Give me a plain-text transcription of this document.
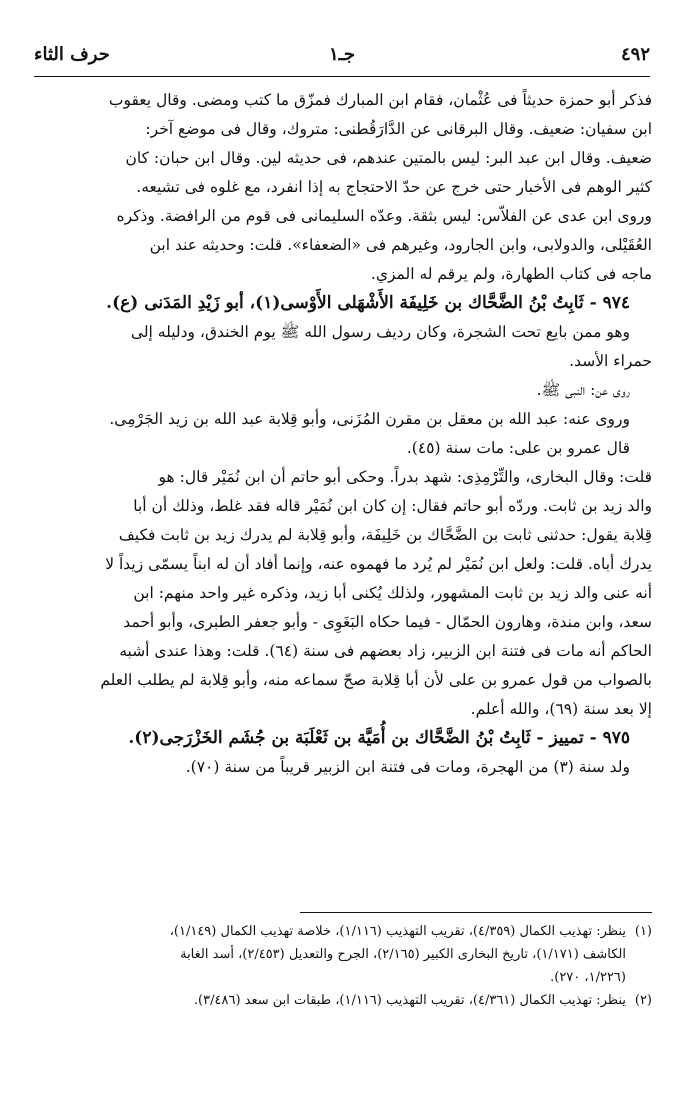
٤٩٢
جـ١
حرف الثاء

فذكر أبو حمزة حديثاً فى عُثْمان، فقام ابن المبارك فمزّق ما كتب ومضى. وقال يعقوب

ابن سفيان: ضعيف. وقال البرقانى عن الدَّارَقُطنى: متروك، وقال فى موضع آخر:

ضعيف. وقال ابن عبد البر: ليس بالمتين عندهم، فى حديثه لين. وقال ابن حبان: كان

كثير الوهم فى الأخبار حتى خرج عن حدّ الاحتجاج به إذا انفرد، مع غلوه فى تشيعه.

وروى ابن عدى عن الفلاّس: ليس بثقة. وعدّه السليمانى فى قوم من الرافضة. وذكره

العُقَيْلى، والدولابى، وابن الجارود، وغيرهم فى «الضعفاء». قلت: وحديثه عند ابن

ماجه فى كتاب الطهارة، ولم يرقم له المزي.

٩٧٤ - ثَابِتُ بْنُ الضَّحَّاك بن خَلِيفَة الأَشْهَلى الأَوْسى(١)، أبو زَيْدِ المَدَنى (ع).

وهو ممن بايع تحت الشجرة، وكان رديف رسول الله ﷺ يوم الخندق، ودليله إلى

حمراء الأسد.

روى عن: النبى ﷺ.

وروى عنه: عبد الله بن معقل بن مقرن المُزَنى، وأبو قِلابة عبد الله بن زيد الجَرْمِى.

قال عمرو بن على: مات سنة (٤٥).

قلت: وقال البخارى، والتِّرْمِذِى: شهد بدراً. وحكى أبو حاتم أن ابن نُمَيْر قال: هو

والد زيد بن ثابت. وردّه أبو حاتم فقال: إن كان ابن نُمَيْر قاله فقد غلط، وذلك أن أبا

قِلابة يقول: حدثنى ثابت بن الضَّحَّاك بن خَلِيفَة، وأبو قِلابة لم يدرك زيد بن ثابت فكيف

يدرك أباه. قلت: ولعل ابن نُمَيْر لم يُرد ما فهموه عنه، وإنما أفاد أن له ابناً يسمّى زيداً لا

أنه عنى والد زيد بن ثابت المشهور، ولذلك يُكنى أبا زيد، وذكره غير واحد منهم: ابن

سعد، وابن مندة، وهارون الحمّال - فيما حكاه البَغَوِى - وأبو جعفر الطبرى، وأبو أحمد

الحاكم أنه مات فى فتنة ابن الزبير، زاد بعضهم فى سنة (٦٤). قلت: وهذا عندى أشبه

بالصواب من قول عمرو بن على لأن أبا قِلابة صحّ سماعه منه، وأبو قِلابة لم يطلب العلم

إلا بعد سنة (٦٩)، والله أعلم.

٩٧٥ - تمييز - ثَابِتُ بْنُ الضَّحَّاك بن أُمَيَّة بن ثَعْلَبَة بن جُشَم الخَزْرَجى(٢).

ولد سنة (٣) من الهجرة، ومات فى فتنة ابن الزبير قريباً من سنة (٧٠).

(١)ينظر: تهذيب الكمال (٤/٣٥٩)، تقريب التهذيب (١/١١٦)، خلاصة تهذيب الكمال (١/١٤٩)،

الكاشف (١/١٧١)، تاريخ البخارى الكبير (٢/١٦٥)، الجرح والتعديل (٢/٤٥٣)، أسد الغابة

(١/٢٢٦، ٢٧٠).

(٢)ينظر: تهذيب الكمال (٤/٣٦١)، تقريب التهذيب (١/١١٦)، طبقات ابن سعد (٣/٤٨٦).
